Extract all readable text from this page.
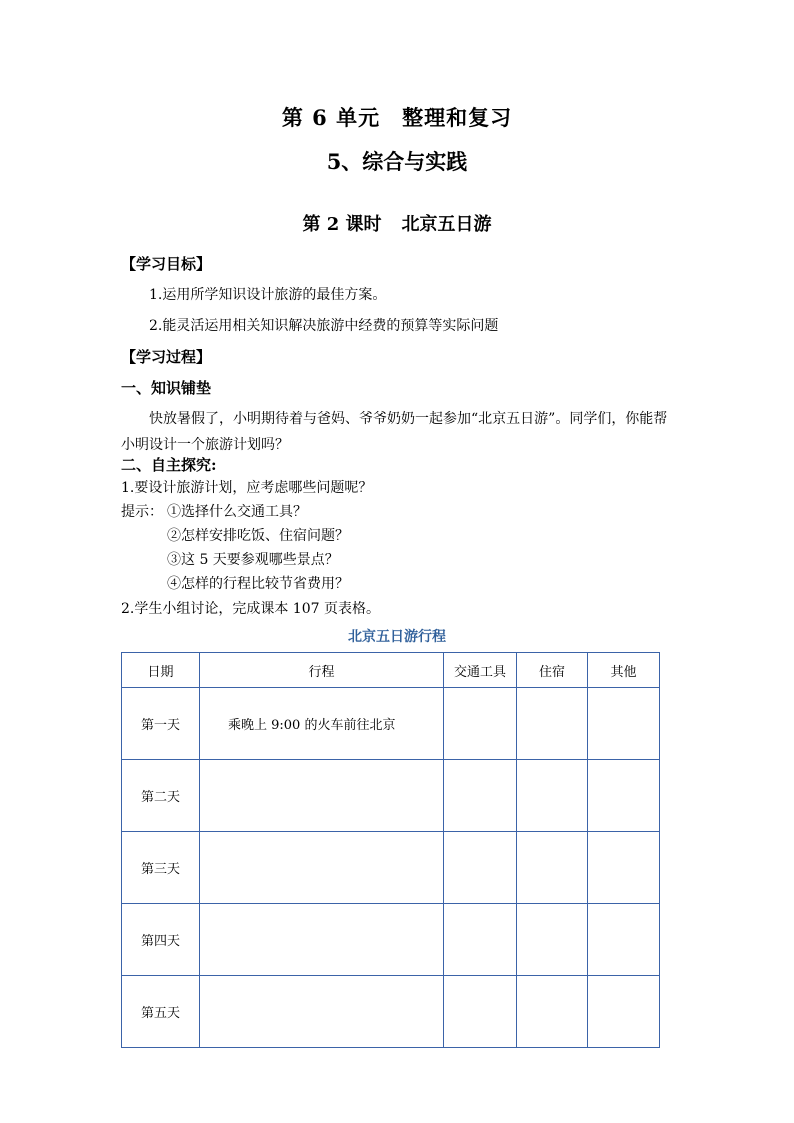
第 6 单元 整理和复习
5、综合与实践
第 2 课时 北京五日游
【学习目标】
1.运用所学知识设计旅游的最佳方案。
2.能灵活运用相关知识解决旅游中经费的预算等实际问题
【学习过程】
一、知识铺垫
快放暑假了，小明期待着与爸妈、爷爷奶奶一起参加“北京五日游”。同学们，你能帮小明设计一个旅游计划吗？
二、自主探究:
1.要设计旅游计划，应考虑哪些问题呢？
提示： ①选择什么交通工具？
②怎样安排吃饭、住宿问题？
③这 5 天要参观哪些景点？
④怎样的行程比较节省费用？
2.学生小组讨论，完成课本 107 页表格。
北京五日游行程
日期	行程	交通工具	住宿	其他
第一天	乘晚上 9:00 的火车前往北京			
第二天				
第三天				
第四天				
第五天				
